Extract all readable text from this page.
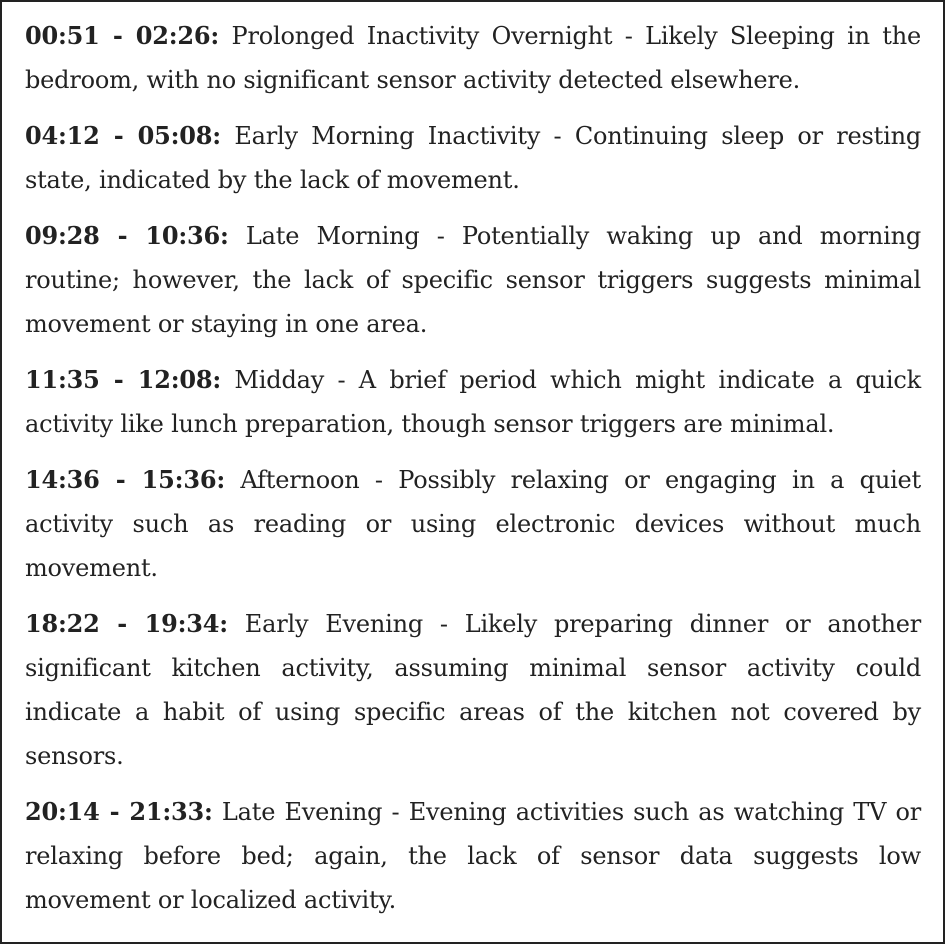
00:51 - 02:26: Prolonged Inactivity Overnight - Likely Sleeping in the bedroom, with no significant sensor activity detected elsewhere.

04:12 - 05:08: Early Morning Inactivity - Continuing sleep or resting state, indicated by the lack of movement.

09:28 - 10:36: Late Morning - Potentially waking up and morning routine; however, the lack of specific sensor triggers suggests minimal movement or staying in one area.

11:35 - 12:08: Midday - A brief period which might indicate a quick activity like lunch preparation, though sensor triggers are minimal.

14:36 - 15:36: Afternoon - Possibly relaxing or engaging in a quiet activity such as reading or using electronic devices without much movement.

18:22 - 19:34: Early Evening - Likely preparing dinner or another significant kitchen activity, assuming minimal sensor activity could indicate a habit of using specific areas of the kitchen not covered by sensors.

20:14 - 21:33: Late Evening - Evening activities such as watching TV or relaxing before bed; again, the lack of sensor data suggests low movement or localized activity.
